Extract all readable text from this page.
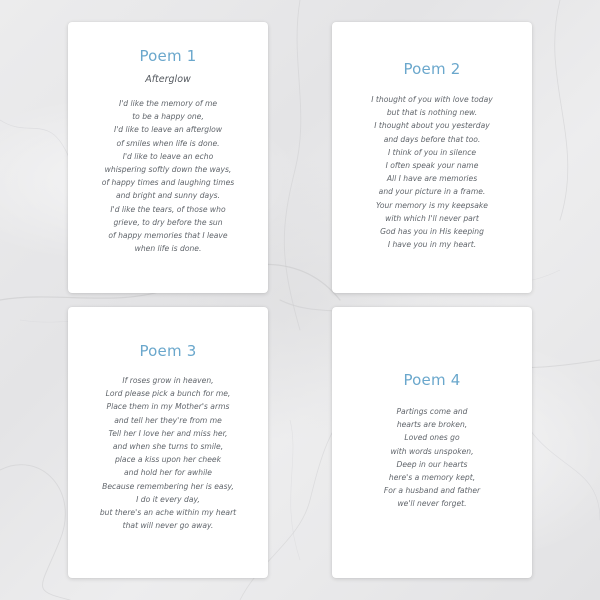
Poem 1
Afterglow
I'd like the memory of me
to be a happy one,
I'd like to leave an afterglow
of smiles when life is done.
I'd like to leave an echo
whispering softly down the ways,
of happy times and laughing times
and bright and sunny days.
I'd like the tears, of those who
grieve, to dry before the sun
of happy memories that I leave
when life is done.
Poem 2
I thought of you with love today
but that is nothing new.
I thought about you yesterday
and days before that too.
I think of you in silence
I often speak your name
All I have are memories
and your picture in a frame.
Your memory is my keepsake
with which I'll never part
God has you in His keeping
I have you in my heart.
Poem 3
If roses grow in heaven,
Lord please pick a bunch for me,
Place them in my Mother's arms
and tell her they're from me
Tell her I love her and miss her,
and when she turns to smile,
place a kiss upon her cheek
and hold her for awhile
Because remembering her is easy,
I do it every day,
but there's an ache within my heart
that will never go away.
Poem 4
Partings come and
hearts are broken,
Loved ones go
with words unspoken,
Deep in our hearts
here's a memory kept,
For a husband and father
we'll never forget.
